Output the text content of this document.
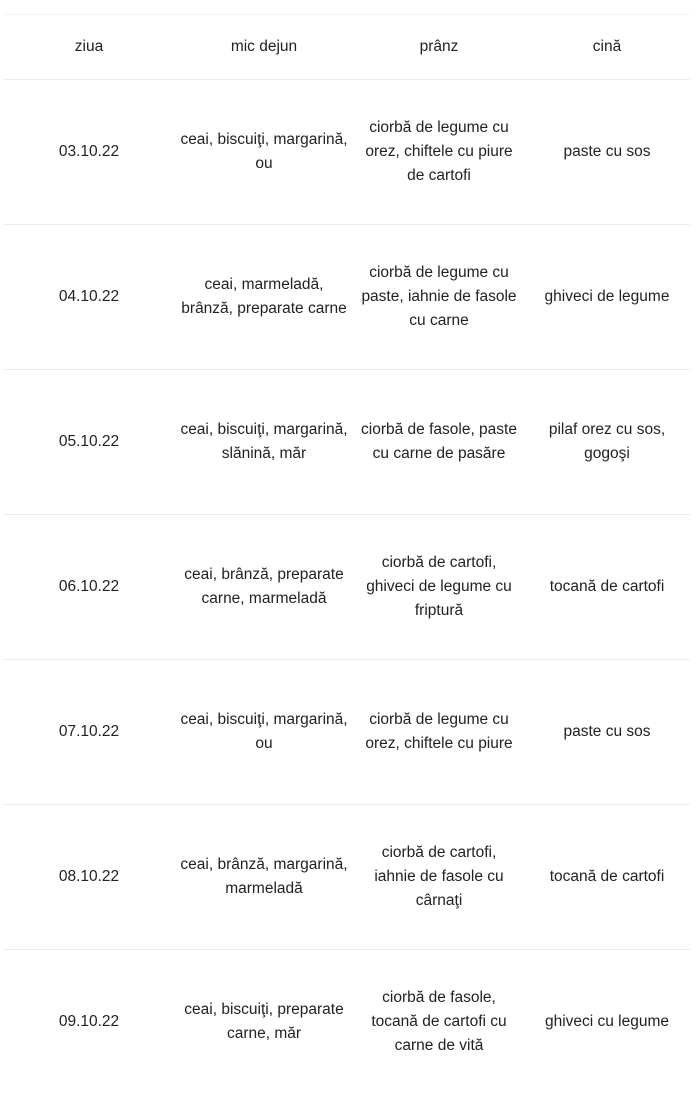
ziua	mic dejun	prânz	cină
03.10.22	ceai, biscuiţi, margarină, ou	ciorbă de legume cu orez, chiftele cu piure de cartofi	paste cu sos
04.10.22	ceai, marmeladă, brânză, preparate carne	ciorbă de legume cu paste, iahnie de fasole cu carne	ghiveci de legume
05.10.22	ceai, biscuiţi, margarină, slănină, măr	ciorbă de fasole, paste cu carne de pasăre	pilaf orez cu sos, gogoşi
06.10.22	ceai, brânză, preparate carne, marmeladă	ciorbă de cartofi, ghiveci de legume cu friptură	tocană de cartofi
07.10.22	ceai, biscuiţi, margarină, ou	ciorbă de legume cu orez, chiftele cu piure	paste cu sos
08.10.22	ceai, brânză, margarină, marmeladă	ciorbă de cartofi, iahnie de fasole cu cârnaţi	tocană de cartofi
09.10.22	ceai, biscuiţi, preparate carne, măr	ciorbă de fasole, tocană de cartofi cu carne de vită	ghiveci cu legume
